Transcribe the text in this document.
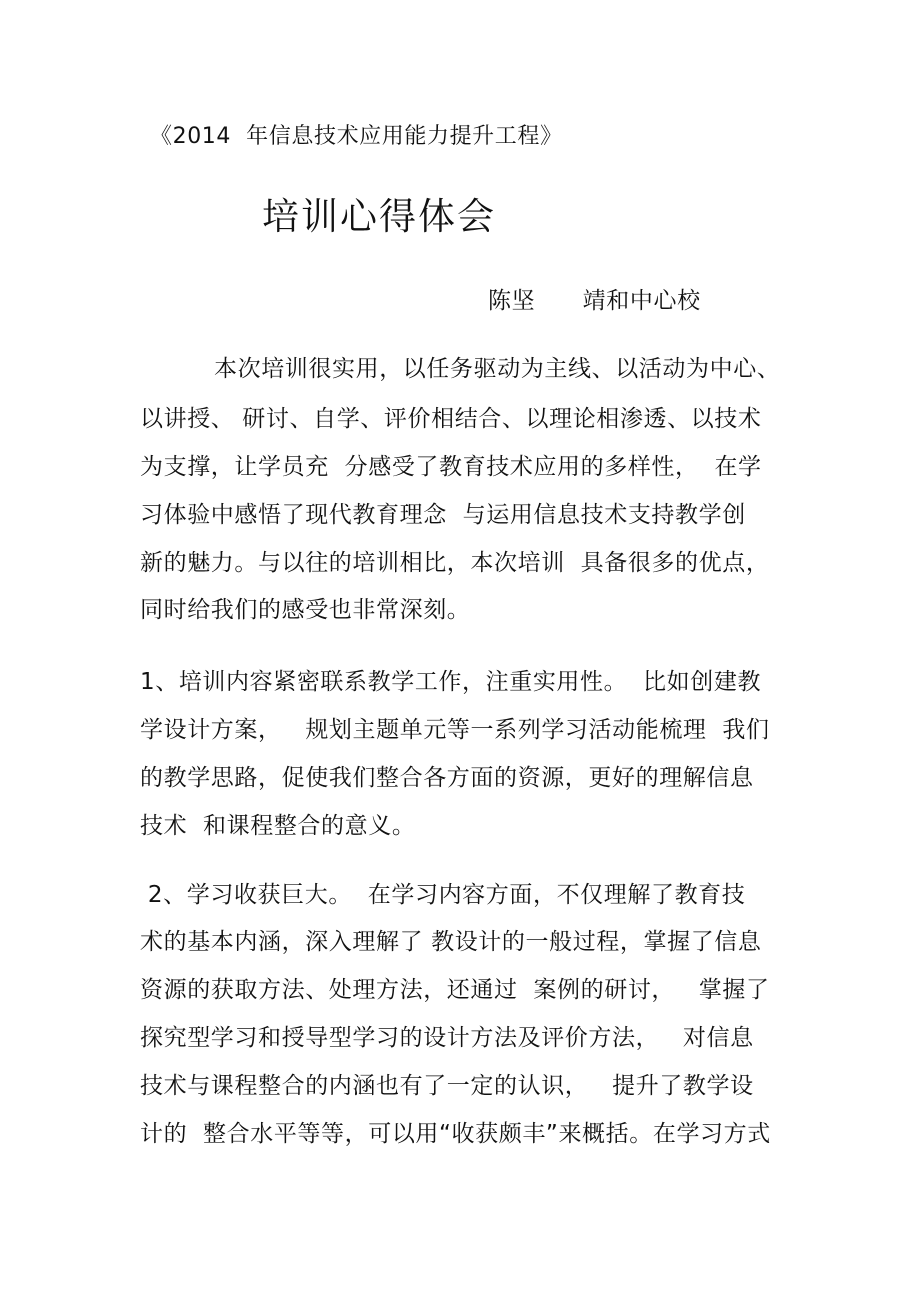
《2014  年信息技术应用能力提升工程》
培训心得体会
陈坚      靖和中心校
本次培训很实用，以任务驱动为主线、以活动为中心、
以讲授、 研讨、自学、评价相结合、以理论相渗透、以技术
为支撑，让学员充  分感受了教育技术应用的多样性，  在学
习体验中感悟了现代教育理念  与运用信息技术支持教学创
新的魅力。与以往的培训相比，本次培训  具备很多的优点，
同时给我们的感受也非常深刻。
1、培训内容紧密联系教学工作，注重实用性。  比如创建教
学设计方案，   规划主题单元等一系列学习活动能梳理  我们
的教学思路，促使我们整合各方面的资源，更好的理解信息
技术  和课程整合的意义。
2、学习收获巨大。  在学习内容方面，不仅理解了教育技
术的基本内涵，深入理解了 教设计的一般过程，掌握了信息
资源的获取方法、处理方法，还通过  案例的研讨，   掌握了
探究型学习和授导型学习的设计方法及评价方法，   对信息
技术与课程整合的内涵也有了一定的认识，   提升了教学设
计的  整合水平等等，可以用“收获颇丰”来概括。在学习方式
